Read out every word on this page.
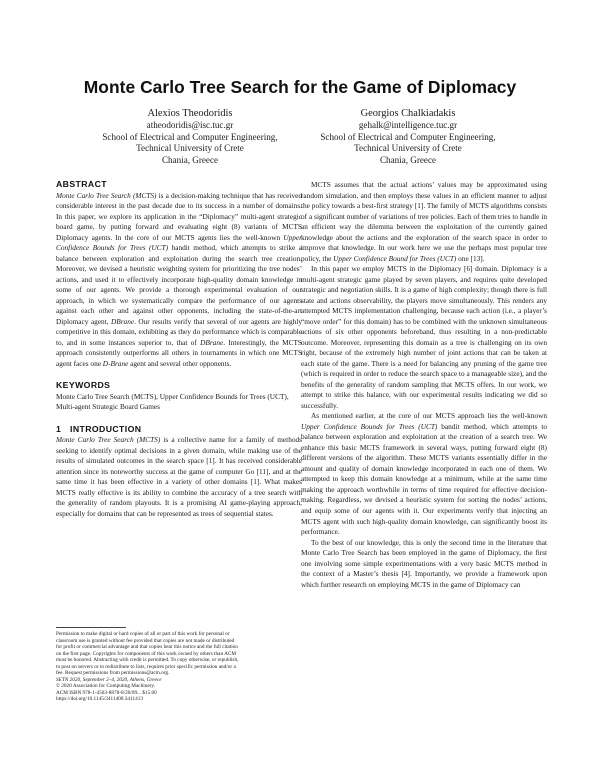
Monte Carlo Tree Search for the Game of Diplomacy
Alexios Theodoridis
atheodoridis@isc.tuc.gr
School of Electrical and Computer Engineering,
Technical University of Crete
Chania, Greece
Georgios Chalkiadakis
gehalk@intelligence.tuc.gr
School of Electrical and Computer Engineering,
Technical University of Crete
Chania, Greece
ABSTRACT

Monte Carlo Tree Search (MCTS) is a decision-making technique that has received considerable interest in the past decade due to its success in a number of domains. In this paper, we explore its application in the “Diplomacy” multi-agent strategic board game, by putting forward and evaluating eight (8) variants of MCTS Diplomacy agents. In the core of our MCTS agents lies the well-known Upper Confidence Bounds for Trees (UCT) bandit method, which attempts to strike a balance between exploration and exploitation during the search tree creation. Moreover, we devised a heuristic weighting system for prioritizing the tree nodes’ actions, and used it to effectively incorporate high-quality domain knowledge in some of our agents. We provide a thorough experimental evaluation of our approach, in which we systematically compare the performance of our agents against each other and against other opponents, including the state-of-the-art Diplomacy agent, DBrane. Our results verify that several of our agents are highly competitive in this domain, exhibiting as they do performance which is comparable to, and in some instances superior to, that of DBrane. Interestingly, the MCTS approach consistently outperforms all others in tournaments in which one MCTS agent faces one D-Brane agent and several other opponents.

KEYWORDS

Monte Carlo Tree Search (MCTS), Upper Confidence Bounds for Trees (UCT), Multi-agent Strategic Board Games

1 INTRODUCTION

Monte Carlo Tree Search (MCTS) is a collective name for a family of methods seeking to identify optimal decisions in a given domain, while making use of the results of simulated outcomes in the search space [1]. It has received considerable attention since its noteworthy success at the game of computer Go [11], and at the same time it has been effective in a variety of other domains [1]. What makes MCTS really effective is its ability to combine the accuracy of a tree search with the generality of random playouts. It is a promising AI game-playing approach, especially for domains that can be represented as trees of sequential states.

Permission to make digital or hard copies of all or part of this work for personal or
classroom use is granted without fee provided that copies are not made or distributed
for profit or commercial advantage and that copies bear this notice and the full citation
on the first page. Copyrights for components of this work owned by others than ACM
must be honored. Abstracting with credit is permitted. To copy otherwise, or republish,
to post on servers or to redistribute to lists, requires prior specific permission and/or a
fee. Request permissions from permissions@acm.org.
SETN 2020, September 2–4, 2020, Athens, Greece
© 2020 Association for Computing Machinery.
ACM ISBN 978-1-4503-8878-8/20/09... $15.00
https://doi.org/10.1145/3411408.3411413

MCTS assumes that the actual actions’ values may be approximated using random simulation, and then employs these values in an efficient manner to adjust the policy towards a best-first strategy [1]. The family of MCTS algorithms consists of a significant number of variations of tree policies. Each of them tries to handle in an efficient way the dilemma between the exploitation of the currently gained knowledge about the actions and the exploration of the search space in order to improve that knowledge. In our work here we use the perhaps most popular tree policy, the Upper Confidence Bound for Trees (UCT) one [13].

In this paper we employ MCTS in the Diplomacy [6] domain. Diplomacy is a multi-agent strategic game played by seven players, and requires quite developed strategic and negotiation skills. It is a game of high complexity; though there is full state and actions observability, the players move simultaneously. This renders any attempted MCTS implementation challenging, because each action (i.e., a player’s “move order” for this domain) has to be combined with the unknown simultaneous actions of six other opponents beforehand, thus resulting in a non-predictable outcome. Moreover, representing this domain as a tree is challenging on its own right, because of the extremely high number of joint actions that can be taken at each state of the game. There is a need for balancing any pruning of the game tree (which is required in order to reduce the search space to a manageable size), and the benefits of the generality of random sampling that MCTS offers. In our work, we attempt to strike this balance, with our experimental results indicating we did so successfully.

As mentioned earlier, at the core of our MCTS approach lies the well-known Upper Confidence Bounds for Trees (UCT) bandit method, which attempts to balance between exploration and exploitation at the creation of a search tree. We enhance this basic MCTS framework in several ways, putting forward eight (8) different versions of the algorithm. These MCTS variants essentially differ in the amount and quality of domain knowledge incorporated in each one of them. We attempted to keep this domain knowledge at a minimum, while at the same time making the approach worthwhile in terms of time required for effective decision-making. Regardless, we devised a heuristic system for sorting the nodes’ actions, and equip some of our agents with it. Our experiments verify that injecting an MCTS agent with such high-quality domain knowledge, can significantly boost its performance.

To the best of our knowledge, this is only the second time in the literature that Monte Carlo Tree Search has been employed in the game of Diplomacy, the first one involving some simple experimentations with a very basic MCTS method in the context of a Master’s thesis [4]. Importantly, we provide a framework upon which further research on employing MCTS in the game of Diplomacy can
